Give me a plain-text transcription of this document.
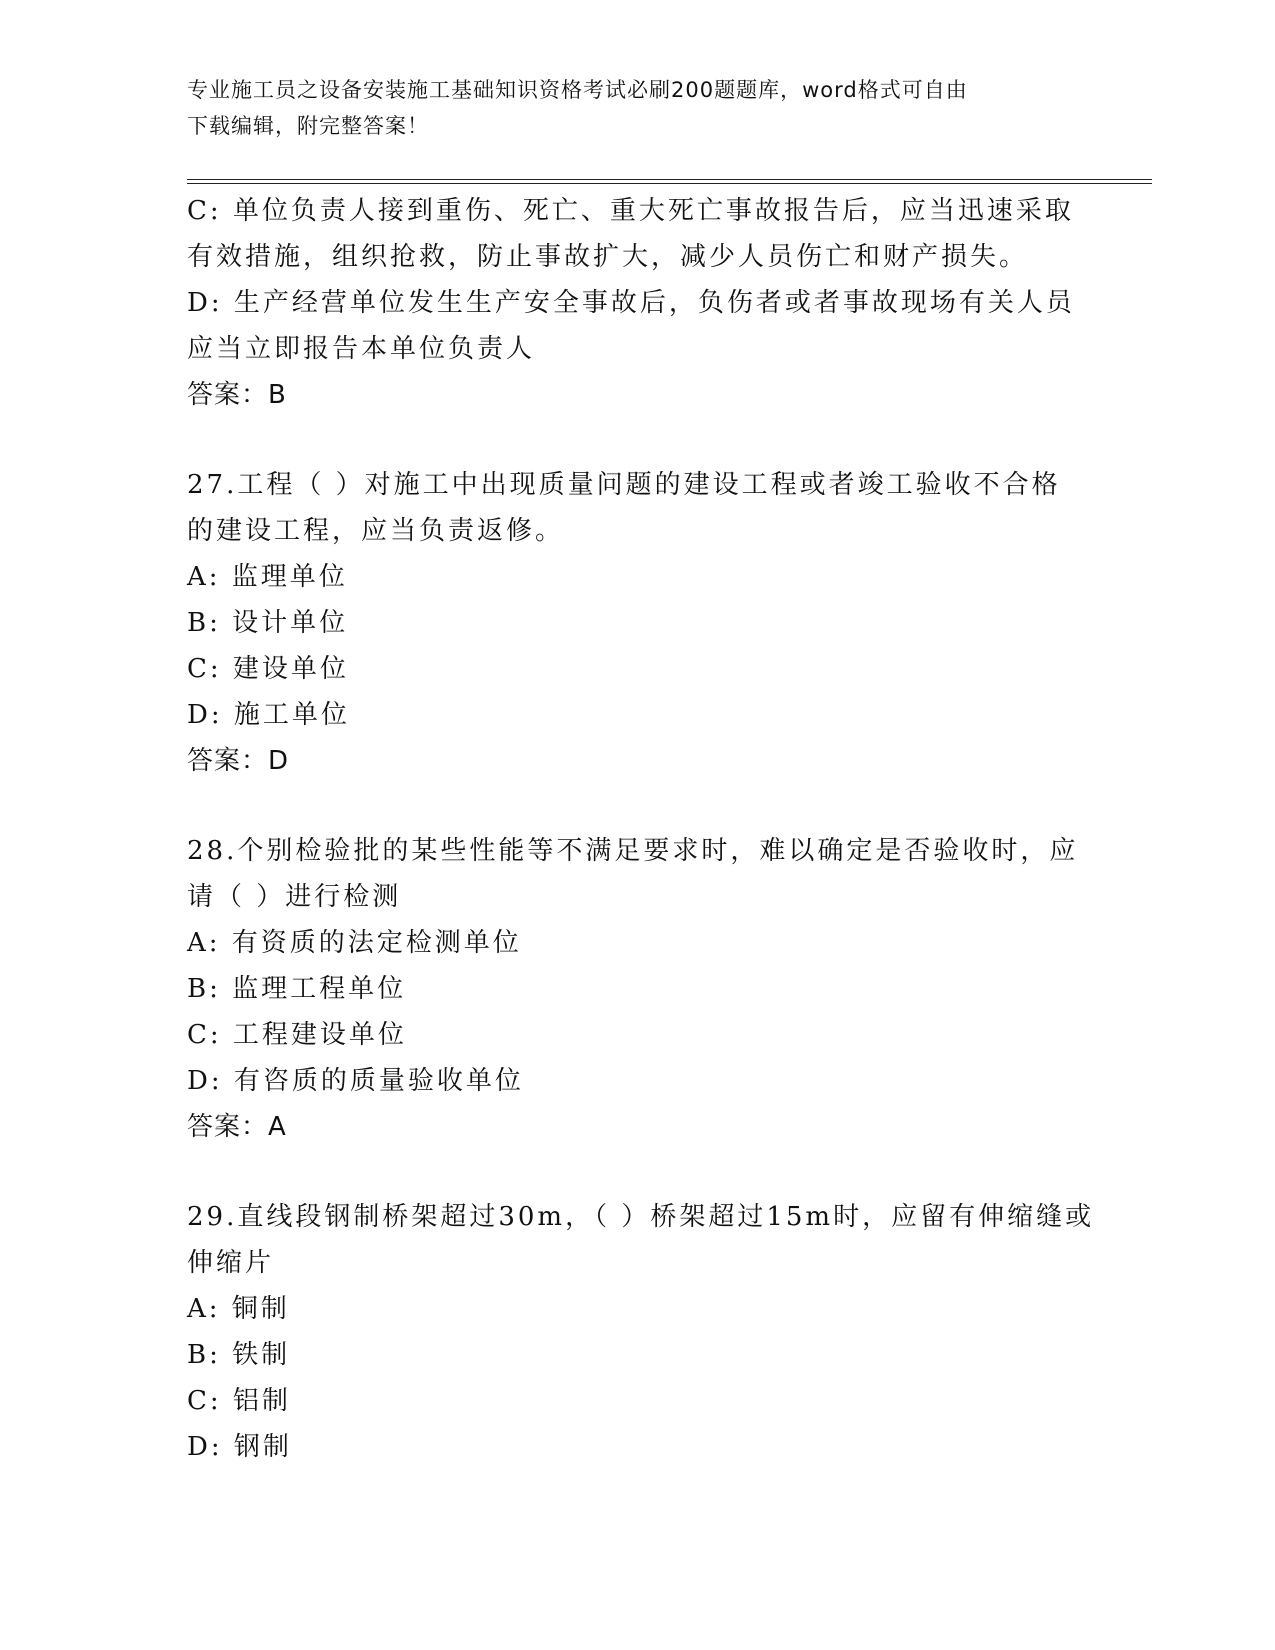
专业施工员之设备安装施工基础知识资格考试必刷200题题库，word格式可自由
下载编辑，附完整答案！
C: 单位负责人接到重伤、死亡、重大死亡事故报告后，应当迅速采取
有效措施，组织抢救，防止事故扩大，减少人员伤亡和财产损失。
D: 生产经营单位发生生产安全事故后，负伤者或者事故现场有关人员
应当立即报告本单位负责人
答案：B
27.工程（ ）对施工中出现质量问题的建设工程或者竣工验收不合格
的建设工程，应当负责返修。
A: 监理单位
B: 设计单位
C: 建设单位
D: 施工单位
答案：D
28.个别检验批的某些性能等不满足要求时，难以确定是否验收时，应
请（ ）进行检测
A: 有资质的法定检测单位
B: 监理工程单位
C: 工程建设单位
D: 有咨质的质量验收单位
答案：A
29.直线段钢制桥架超过30m，（ ）桥架超过15m时，应留有伸缩缝或
伸缩片
A: 铜制
B: 铁制
C: 铝制
D: 钢制
